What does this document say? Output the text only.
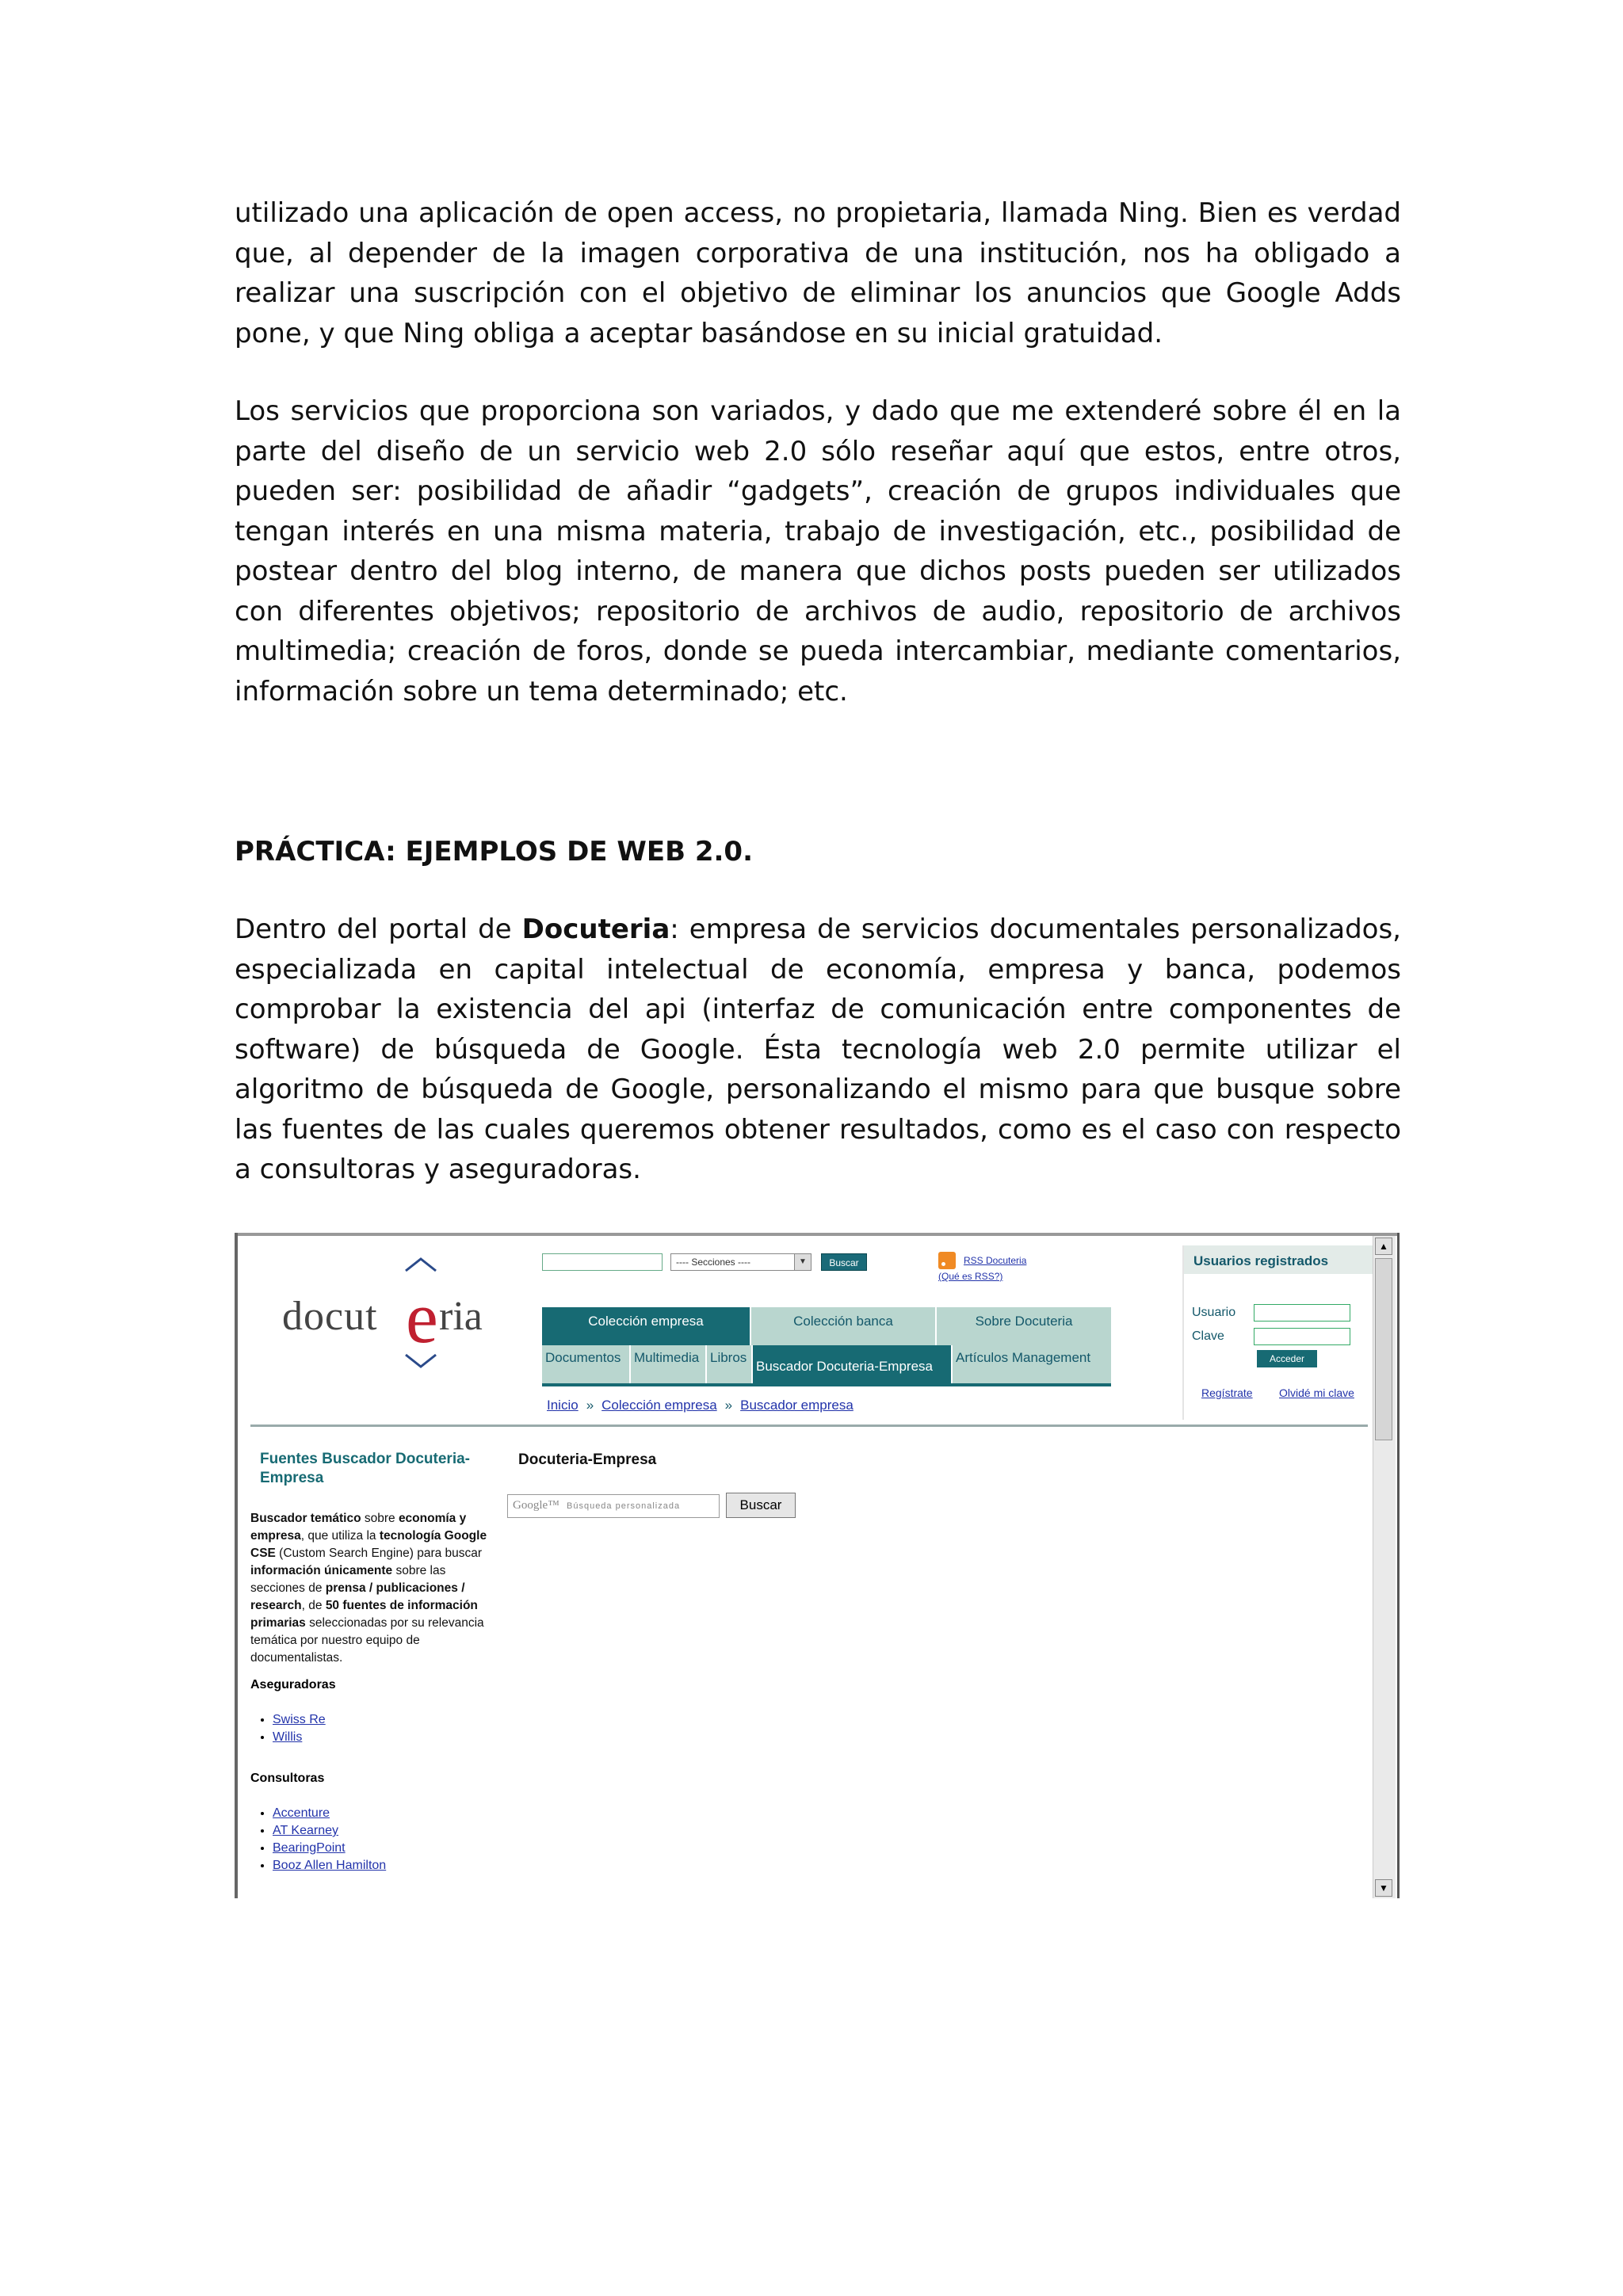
utilizado una aplicación de open access, no propietaria, llamada Ning. Bien es verdad que, al depender de la imagen corporativa de una institución, nos ha obligado a realizar una suscripción con el objetivo de eliminar los anuncios que Google Adds pone, y que Ning obliga a aceptar basándose en su inicial gratuidad.

Los servicios que proporciona son variados, y dado que me extenderé sobre él en la parte del diseño de un servicio web 2.0 sólo reseñar aquí que estos, entre otros, pueden ser: posibilidad de añadir “gadgets”, creación de grupos individuales que tengan interés en una misma materia, trabajo de investigación, etc., posibilidad de postear dentro del blog interno, de manera que dichos posts pueden ser utilizados con diferentes objetivos; repositorio de archivos de audio, repositorio de archivos multimedia; creación de foros, donde se pueda intercambiar, mediante comentarios, información sobre un tema determinado; etc.

PRÁCTICA: EJEMPLOS DE WEB 2.0.

Dentro del portal de Docuteria: empresa de servicios documentales personalizados, especializada en capital intelectual de economía, empresa y banca, podemos comprobar la existencia del api (interfaz de comunicación entre componentes de software) de búsqueda de Google. Ésta tecnología web 2.0 permite utilizar el algoritmo de búsqueda de Google, personalizando el mismo para que busque sobre las fuentes de las cuales queremos obtener resultados, como es el caso con respecto a consultoras y aseguradoras.

docut e ria
---- Secciones ----	▼	Buscar	RSS Docuteria
(Qué es RSS?)
Colección empresa	Colección banca	Sobre Docuteria
Documentos Multimedia Libros
Buscador Docuteria-Empresa
Artículos Management
Inicio » Colección empresa » Buscador empresa
Usuarios registrados
Usuario
Clave
Acceder
Regístrate Olvidé mi clave
Fuentes Buscador Docuteria-Empresa
Buscador temático sobre economía y empresa, que utiliza la tecnología Google CSE (Custom Search Engine) para buscar información únicamente sobre las secciones de prensa / publicaciones / research, de 50 fuentes de información primarias seleccionadas por su relevancia temática por nuestro equipo de documentalistas.
Aseguradoras
• Swiss Re
• Willis
Consultoras
• Accenture
• AT Kearney
• BearingPoint
• Booz Allen Hamilton
Docuteria-Empresa
Google™ Búsqueda personalizada	Buscar
▲
▼
